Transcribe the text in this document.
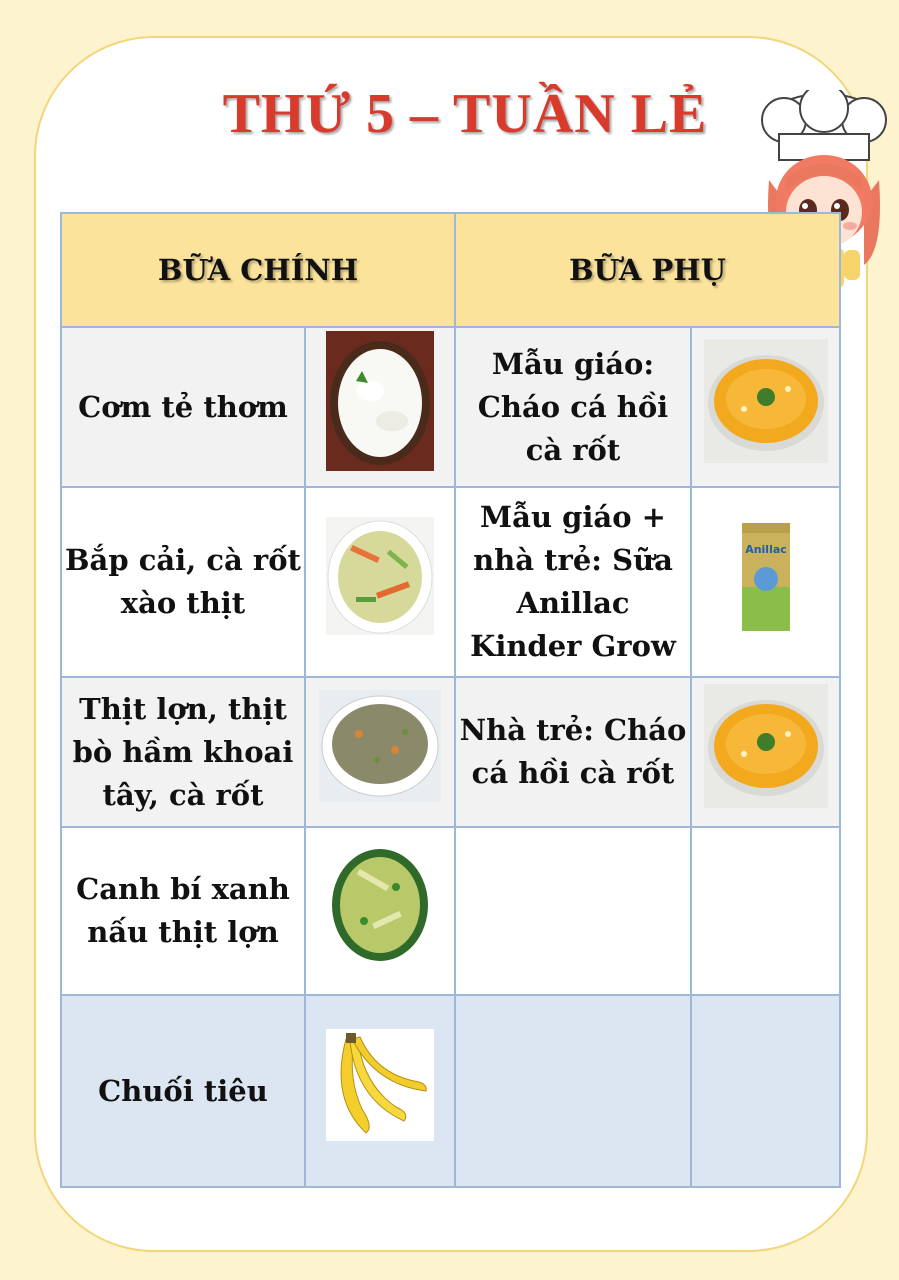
THỨ 5 – TUẦN LẺ
BỮA CHÍNH		BỮA PHỤ	
Cơm tẻ thơm		Mẫu giáo: Cháo cá hồi cà rốt	
Bắp cải, cà rốt xào thịt		Mẫu giáo + nhà trẻ: Sữa Anillac Kinder Grow	Anillac

Thịt lợn, thịt bò hầm khoai tây, cà rốt		Nhà trẻ: Cháo cá hồi cà rốt	
Canh bí xanh nấu thịt lợn			
Chuối tiêu			
